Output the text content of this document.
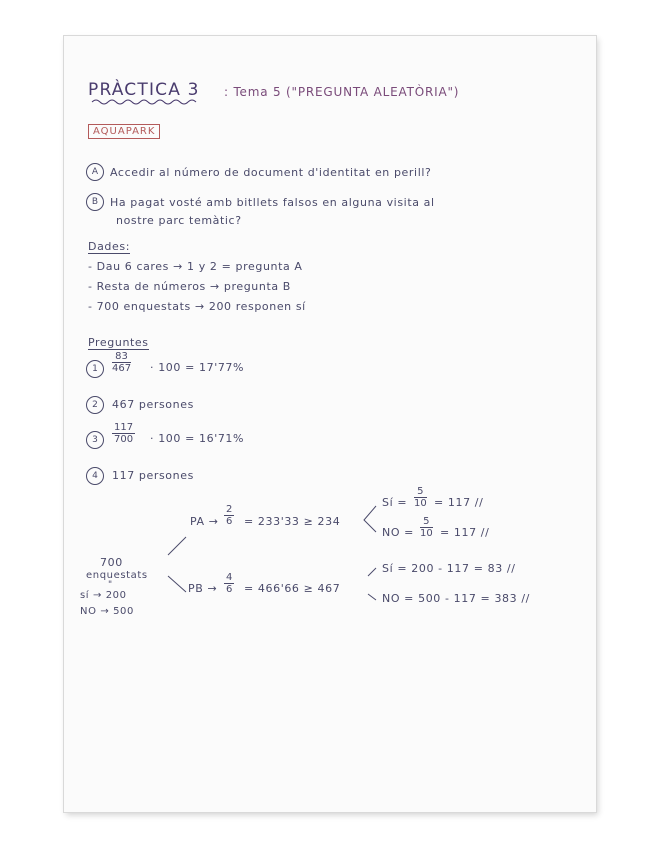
PRÀCTICA 3 : Tema 5 ("PREGUNTA ALEATÒRIA")
AQUAPARK
A	Accedir al número de document d'identitat en perill?
B	Ha pagat vosté amb bitllets falsos en alguna visita al
nostre parc temàtic?
Dades:
- Dau 6 cares → 1 y 2 = pregunta A
- Resta de números → pregunta B
- 700 enquestats → 200 responen sí
Preguntes
1	$\frac{83}{467} \cdot 100 = 17'77\%$
2	467 persones
3	$\frac{117}{700} \cdot 100 = 16'71\%$
4	117 persones
700
enquestats
"
sí → 200
NO → 500
PA → $\frac{2}{6} = 233'33 \ge 234$
Sí = $\frac{5}{10} = 117$ //
NO = $\frac{5}{10} = 117$ //
PB → $\frac{4}{6} = 466'66 \ge 467$
Sí = 200 - 117 = 83 //
NO = 500 - 117 = 383 //
